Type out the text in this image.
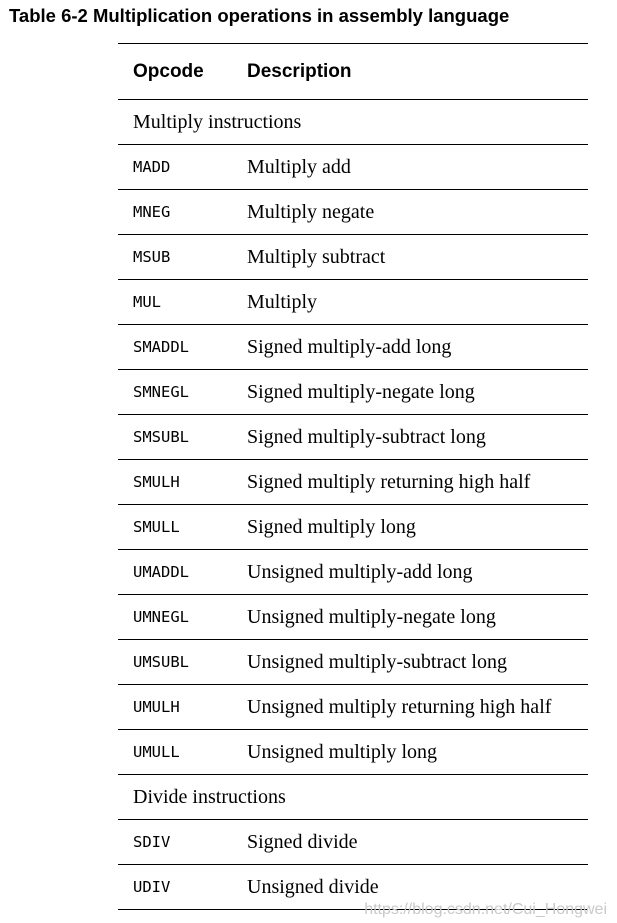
Table 6-2 Multiplication operations in assembly language
Opcode Description
Multiply instructions
MADD	Multiply add
MNEG	Multiply negate
MSUB	Multiply subtract
MUL	Multiply
SMADDL	Signed multiply-add long
SMNEGL	Signed multiply-negate long
SMSUBL	Signed multiply-subtract long
SMULH	Signed multiply returning high half
SMULL	Signed multiply long
UMADDL	Unsigned multiply-add long
UMNEGL	Unsigned multiply-negate long
UMSUBL	Unsigned multiply-subtract long
UMULH	Unsigned multiply returning high half
UMULL	Unsigned multiply long
Divide instructions
SDIV	Signed divide
UDIV	Unsigned divide
https://blog.csdn.net/Cui_Hongwei
